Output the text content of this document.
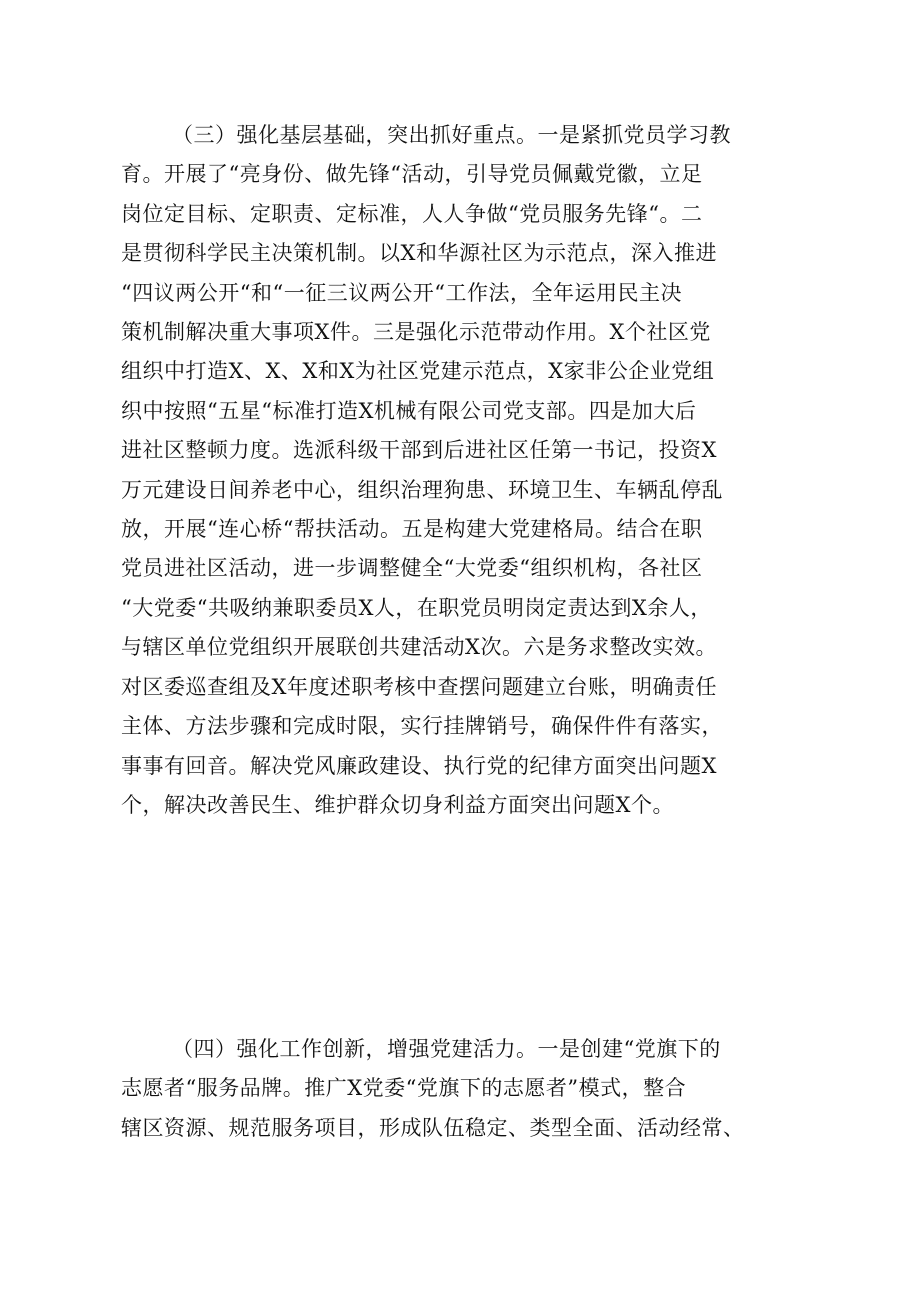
（三）强化基层基础，突出抓好重点。一是紧抓党员学习教
育。开展了“亮身份、做先锋“活动，引导党员佩戴党徽，立足
岗位定目标、定职责、定标准，人人争做“党员服务先锋“。二
是贯彻科学民主决策机制。以X和华源社区为示范点，深入推进
“四议两公开“和“一征三议两公开“工作法，全年运用民主决
策机制解决重大事项X件。三是强化示范带动作用。X个社区党
组织中打造X、X、X和X为社区党建示范点，X家非公企业党组
织中按照“五星“标准打造X机械有限公司党支部。四是加大后
进社区整顿力度。选派科级干部到后进社区任第一书记，投资X
万元建设日间养老中心，组织治理狗患、环境卫生、车辆乱停乱
放，开展“连心桥“帮扶活动。五是构建大党建格局。结合在职
党员进社区活动，进一步调整健全“大党委“组织机构，各社区
“大党委“共吸纳兼职委员X人，在职党员明岗定责达到X余人，
与辖区单位党组织开展联创共建活动X次。六是务求整改实效。
对区委巡查组及X年度述职考核中查摆问题建立台账，明确责任
主体、方法步骤和完成时限，实行挂牌销号，确保件件有落实，
事事有回音。解决党风廉政建设、执行党的纪律方面突出问题X
个，解决改善民生、维护群众切身利益方面突出问题X个。
（四）强化工作创新，增强党建活力。一是创建“党旗下的
志愿者“服务品牌。推广X党委“党旗下的志愿者”模式，整合
辖区资源、规范服务项目，形成队伍稳定、类型全面、活动经常、
